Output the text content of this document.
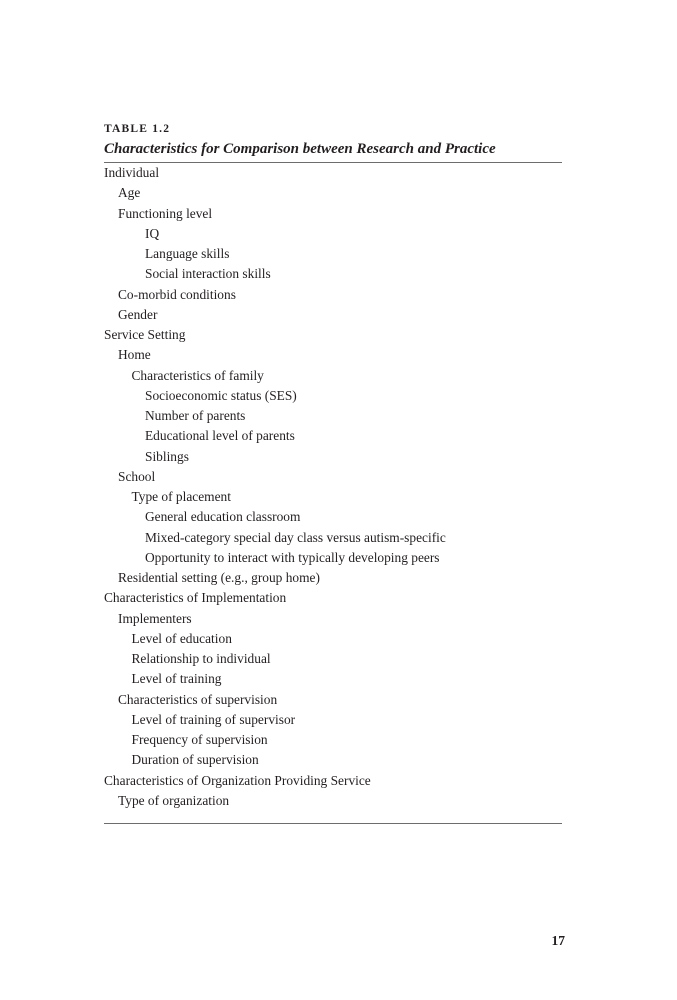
TABLE 1.2
Characteristics for Comparison between Research and Practice
Individual
Age
Functioning level
IQ
Language skills
Social interaction skills
Co-morbid conditions
Gender
Service Setting
Home
Characteristics of family
Socioeconomic status (SES)
Number of parents
Educational level of parents
Siblings
School
Type of placement
General education classroom
Mixed-category special day class versus autism-specific
Opportunity to interact with typically developing peers
Residential setting (e.g., group home)
Characteristics of Implementation
Implementers
Level of education
Relationship to individual
Level of training
Characteristics of supervision
Level of training of supervisor
Frequency of supervision
Duration of supervision
Characteristics of Organization Providing Service
Type of organization
17
